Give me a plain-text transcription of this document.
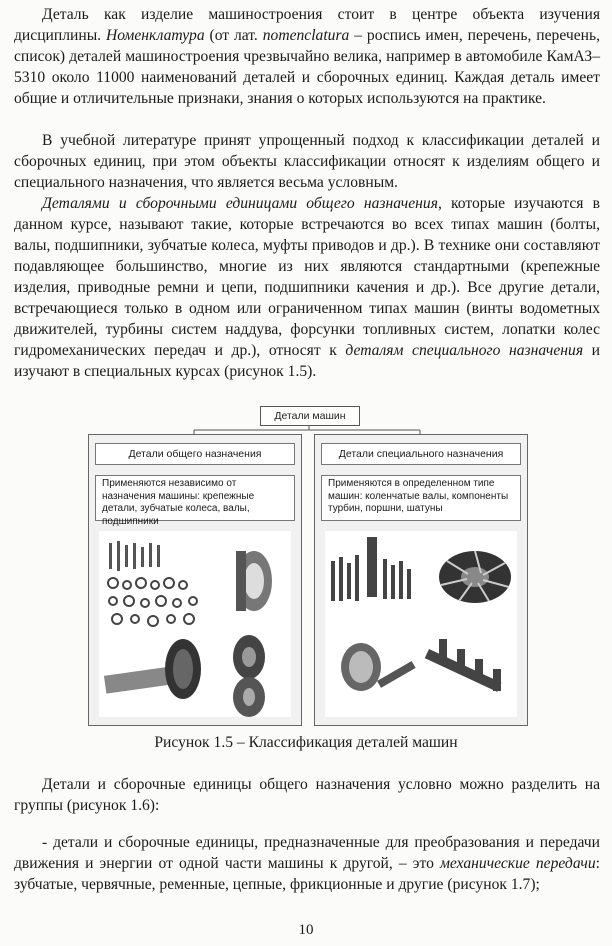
Деталь как изделие машиностроения стоит в центре объекта изучения дисциплины. Номенклатура (от лат. nomenclatura – роспись имен, перечень, перечень, список) деталей машиностроения чрезвычайно велика, например в автомобиле КамАЗ–5310 около 11000 наименований деталей и сборочных единиц. Каждая деталь имеет общие и отличительные признаки, знания о которых используются на практике.

В учебной литературе принят упрощенный подход к классификации деталей и сборочных единиц, при этом объекты классификации относят к изделиям общего и специального назначения, что является весьма условным.

Деталями и сборочными единицами общего назначения, которые изучаются в данном курсе, называют такие, которые встречаются во всех типах машин (болты, валы, подшипники, зубчатые колеса, муфты приводов и др.). В технике они составляют подавляющее большинство, многие из них являются стандартными (крепежные изделия, приводные ремни и цепи, подшипники качения и др.). Все другие детали, встречающиеся только в одном или ограниченном типах машин (винты водометных движителей, турбины систем наддува, форсунки топливных систем, лопатки колес гидромеханических передач и др.), относят к деталям специального назначения и изучают в специальных курсах (рисунок 1.5).

Детали машин
Детали общего назначения
Применяются независимо от назначения машины: крепежные детали, зубчатые колеса, валы, подшипники
Детали специального назначения
Применяются в определенном типе машин: коленчатые валы, компоненты турбин, поршни, шатуны
Рисунок 1.5 – Классификация деталей машин

Детали и сборочные единицы общего назначения условно можно разделить на группы (рисунок 1.6):

- детали и сборочные единицы, предназначенные для преобразования и передачи движения и энергии от одной части машины к другой, – это механические передачи: зубчатые, червячные, ременные, цепные, фрикционные и другие (рисунок 1.7);

10
